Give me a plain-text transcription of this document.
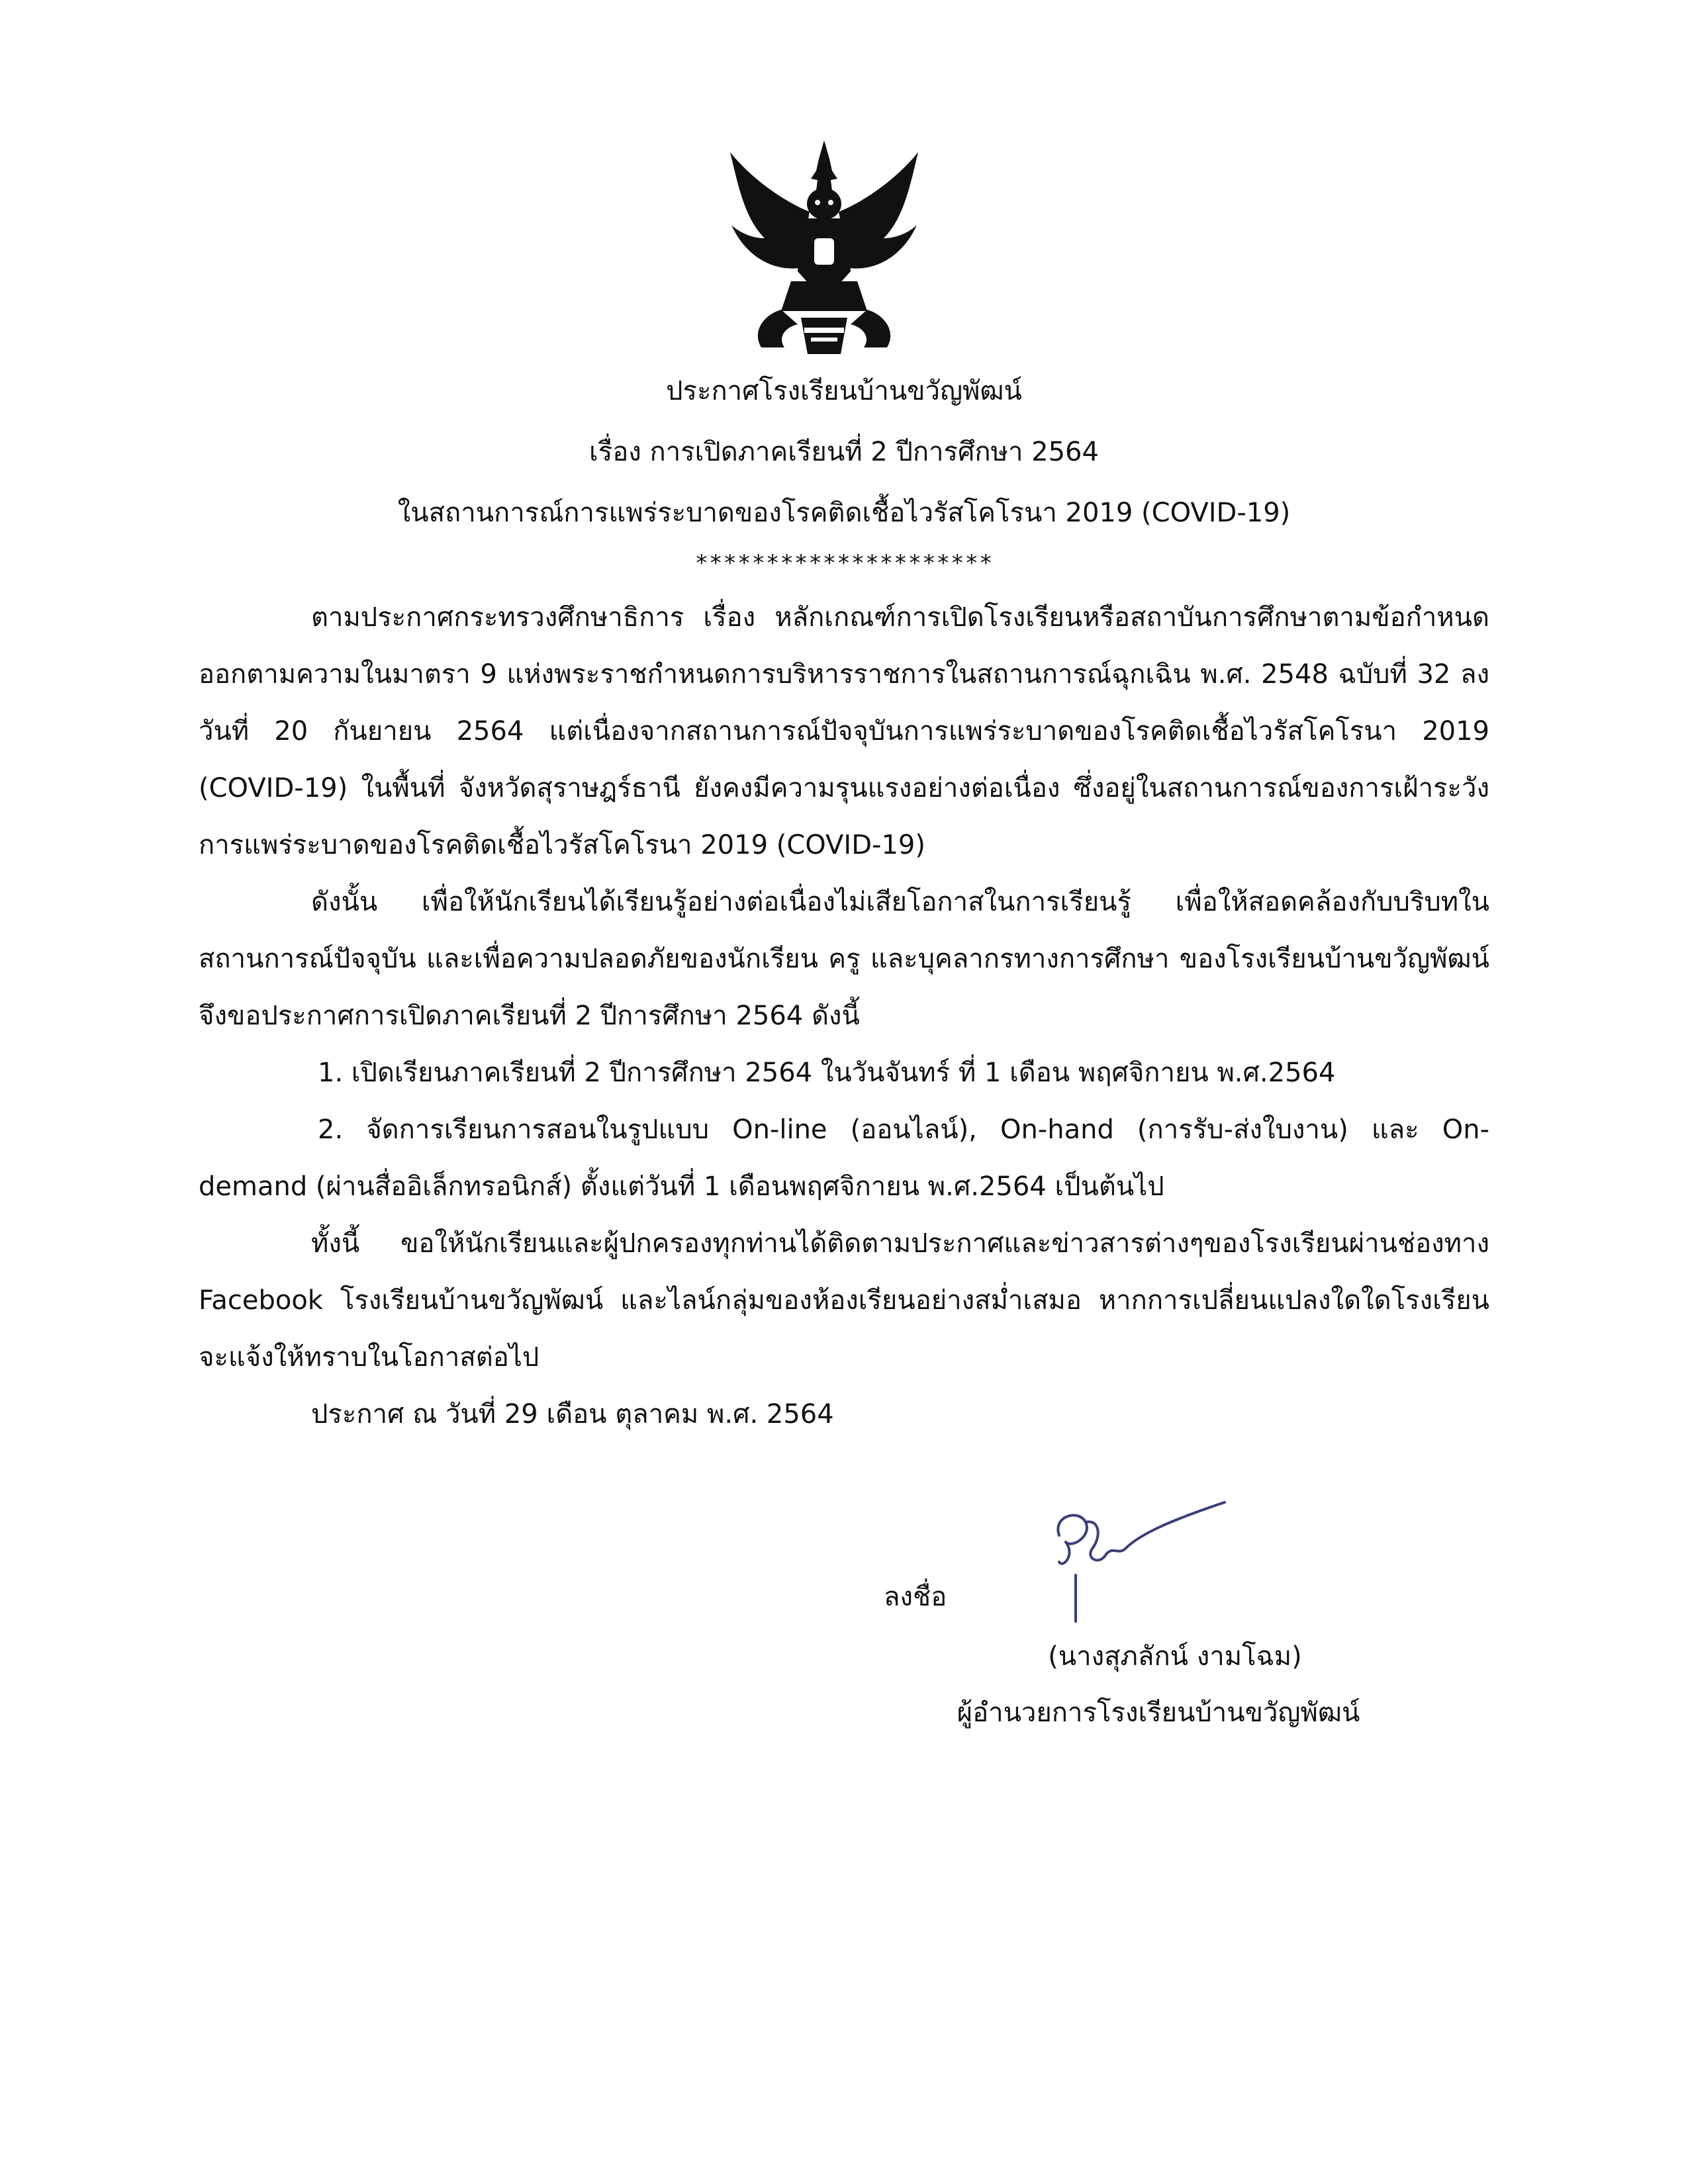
ประกาศโรงเรียนบ้านขวัญพัฒน์
เรื่อง การเปิดภาคเรียนที่ 2 ปีการศึกษา 2564
ในสถานการณ์การแพร่ระบาดของโรคติดเชื้อไวรัสโคโรนา 2019 (COVID-19)
*********************

ตามประกาศกระทรวงศึกษาธิการ เรื่อง หลักเกณฑ์การเปิดโรงเรียนหรือสถาบันการศึกษาตามข้อกำหนดออกตามความในมาตรา 9 แห่งพระราชกำหนดการบริหารราชการในสถานการณ์ฉุกเฉิน พ.ศ. 2548 ฉบับที่ 32 ลงวันที่ 20 กันยายน 2564 แต่เนื่องจากสถานการณ์ปัจจุบันการแพร่ระบาดของโรคติดเชื้อไวรัสโคโรนา 2019 (COVID-19) ในพื้นที่ จังหวัดสุราษฎร์ธานี ยังคงมีความรุนแรงอย่างต่อเนื่อง ซึ่งอยู่ในสถานการณ์ของการเฝ้าระวังการแพร่ระบาดของโรคติดเชื้อไวรัสโคโรนา 2019 (COVID-19)

ดังนั้น เพื่อให้นักเรียนได้เรียนรู้อย่างต่อเนื่องไม่เสียโอกาสในการเรียนรู้ เพื่อให้สอดคล้องกับบริบทในสถานการณ์ปัจจุบัน และเพื่อความปลอดภัยของนักเรียน ครู และบุคลากรทางการศึกษา ของโรงเรียนบ้านขวัญพัฒน์ จึงขอประกาศการเปิดภาคเรียนที่ 2 ปีการศึกษา 2564 ดังนี้

1. เปิดเรียนภาคเรียนที่ 2 ปีการศึกษา 2564 ในวันจันทร์ ที่ 1 เดือน พฤศจิกายน พ.ศ.2564

2. จัดการเรียนการสอนในรูปแบบ On-line (ออนไลน์), On-hand (การรับ-ส่งใบงาน) และ On-demand (ผ่านสื่ออิเล็กทรอนิกส์) ตั้งแต่วันที่ 1 เดือนพฤศจิกายน พ.ศ.2564 เป็นต้นไป

ทั้งนี้ ขอให้นักเรียนและผู้ปกครองทุกท่านได้ติดตามประกาศและข่าวสารต่างๆของโรงเรียนผ่านช่องทาง Facebook โรงเรียนบ้านขวัญพัฒน์ และไลน์กลุ่มของห้องเรียนอย่างสม่ำเสมอ หากการเปลี่ยนแปลงใดใดโรงเรียนจะแจ้งให้ทราบในโอกาสต่อไป

ประกาศ ณ วันที่ 29 เดือน ตุลาคม พ.ศ. 2564

ลงชื่อ
(นางสุภลักน์ งามโฉม)
ผู้อำนวยการโรงเรียนบ้านขวัญพัฒน์
